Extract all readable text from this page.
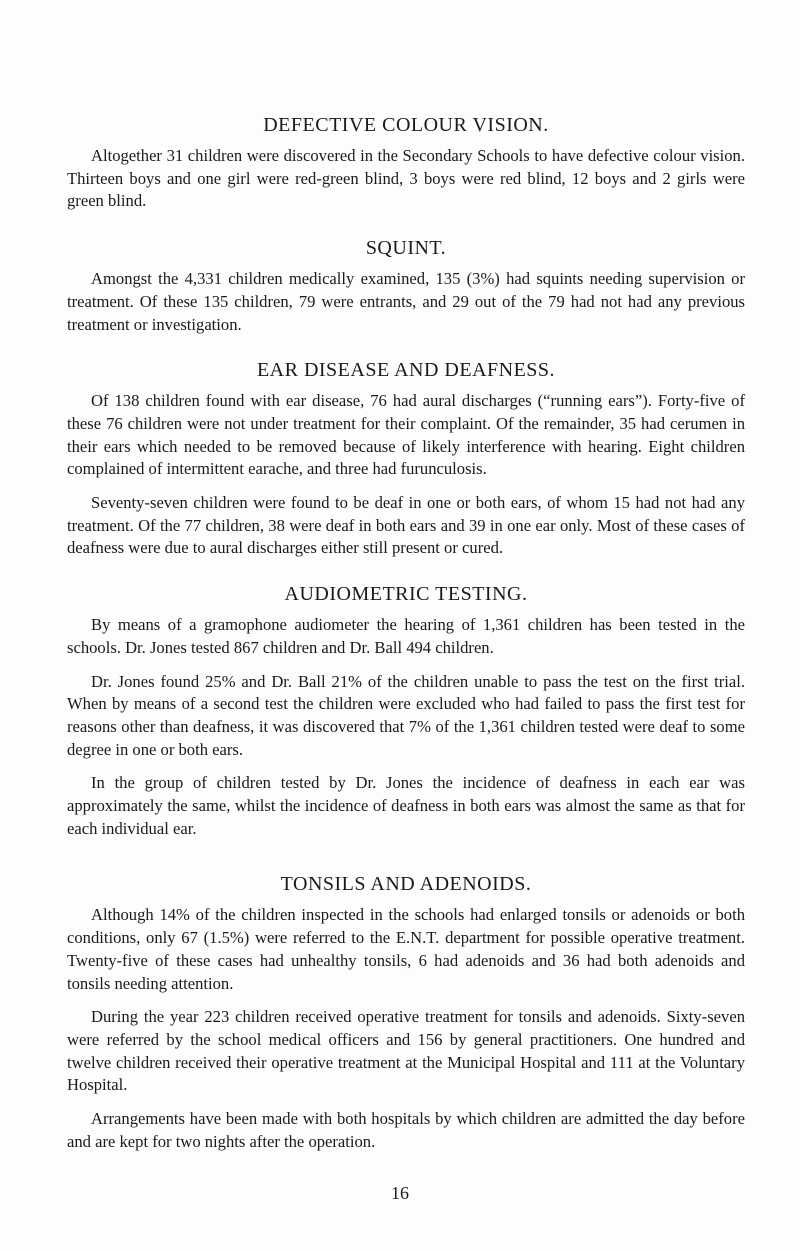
DEFECTIVE COLOUR VISION.

Altogether 31 children were discovered in the Secondary Schools to have defective colour vision. Thirteen boys and one girl were red-green blind, 3 boys were red blind, 12 boys and 2 girls were green blind.

SQUINT.

Amongst the 4,331 children medically examined, 135 (3%) had squints needing supervision or treatment. Of these 135 children, 79 were entrants, and 29 out of the 79 had not had any previous treatment or investigation.

EAR DISEASE AND DEAFNESS.

Of 138 children found with ear disease, 76 had aural discharges (“running ears”). Forty-five of these 76 children were not under treatment for their complaint. Of the remainder, 35 had cerumen in their ears which needed to be removed because of likely interference with hearing. Eight children complained of intermittent earache, and three had furunculosis.

Seventy-seven children were found to be deaf in one or both ears, of whom 15 had not had any treatment. Of the 77 children, 38 were deaf in both ears and 39 in one ear only. Most of these cases of deafness were due to aural discharges either still present or cured.

AUDIOMETRIC TESTING.

By means of a gramophone audiometer the hearing of 1,361 children has been tested in the schools. Dr. Jones tested 867 children and Dr. Ball 494 children.

Dr. Jones found 25% and Dr. Ball 21% of the children unable to pass the test on the first trial. When by means of a second test the children were excluded who had failed to pass the first test for reasons other than deafness, it was discovered that 7% of the 1,361 children tested were deaf to some degree in one or both ears.

In the group of children tested by Dr. Jones the incidence of deafness in each ear was approximately the same, whilst the incidence of deafness in both ears was almost the same as that for each individual ear.

TONSILS AND ADENOIDS.

Although 14% of the children inspected in the schools had enlarged tonsils or adenoids or both conditions, only 67 (1.5%) were referred to the E.N.T. department for possible operative treatment. Twenty-five of these cases had unhealthy tonsils, 6 had adenoids and 36 had both adenoids and tonsils needing attention.

During the year 223 children received operative treatment for tonsils and adenoids. Sixty-seven were referred by the school medical officers and 156 by general practitioners. One hundred and twelve children received their operative treatment at the Municipal Hospital and 111 at the Voluntary Hospital.

Arrangements have been made with both hospitals by which children are admitted the day before and are kept for two nights after the operation.

16
